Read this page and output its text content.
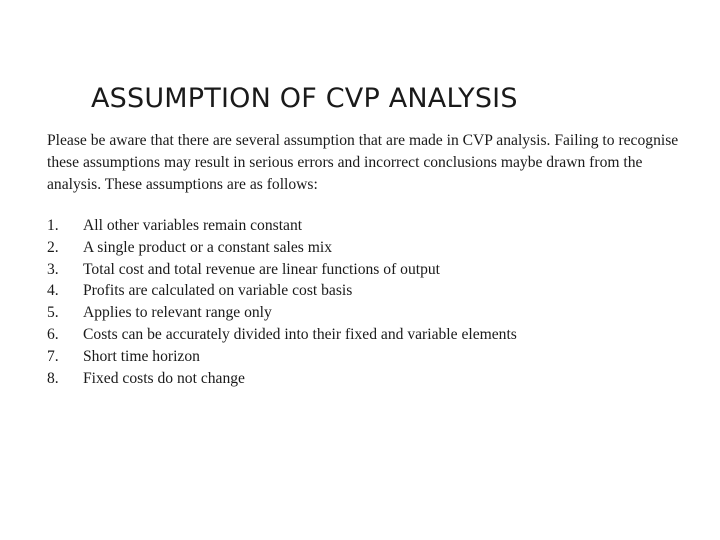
ASSUMPTION OF CVP ANALYSIS

Please be aware that there are several assumption that are made in CVP analysis. Failing to recognise these assumptions may result in serious errors and incorrect conclusions maybe drawn from the analysis. These assumptions are as follows:

1. All other variables remain constant
2. A single product or a constant sales mix
3. Total cost and total revenue are linear functions of output
4. Profits are calculated on variable cost basis
5. Applies to relevant range only
6. Costs can be accurately divided into their fixed and variable elements
7. Short time horizon
8. Fixed costs do not change
